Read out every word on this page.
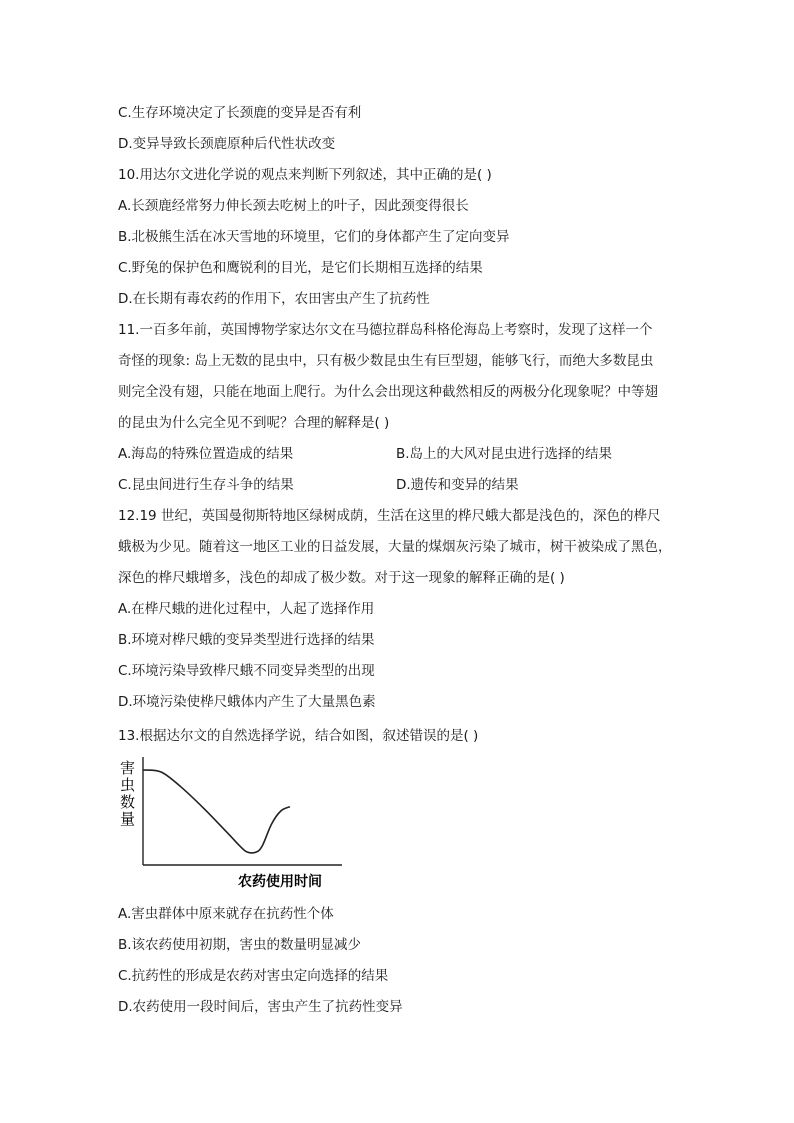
C.生存环境决定了长颈鹿的变异是否有利
D.变异导致长颈鹿原种后代性状改变
10.用达尔文进化学说的观点来判断下列叙述，其中正确的是( )
A.长颈鹿经常努力伸长颈去吃树上的叶子，因此颈变得很长
B.北极熊生活在冰天雪地的环境里，它们的身体都产生了定向变异
C.野兔的保护色和鹰锐利的目光，是它们长期相互选择的结果
D.在长期有毒农药的作用下，农田害虫产生了抗药性
11.一百多年前，英国博物学家达尔文在马德拉群岛科格伦海岛上考察时，发现了这样一个
奇怪的现象: 岛上无数的昆虫中，只有极少数昆虫生有巨型翅，能够飞行，而绝大多数昆虫
则完全没有翅，只能在地面上爬行。为什么会出现这种截然相反的两极分化现象呢？中等翅
的昆虫为什么完全见不到呢？合理的解释是( )
A.海岛的特殊位置造成的结果	B.岛上的大风对昆虫进行选择的结果
C.昆虫间进行生存斗争的结果	D.遗传和变异的结果
12.19 世纪，英国曼彻斯特地区绿树成荫，生活在这里的桦尺蛾大都是浅色的，深色的桦尺
蛾极为少见。随着这一地区工业的日益发展，大量的煤烟灰污染了城市，树干被染成了黑色，
深色的桦尺蛾增多，浅色的却成了极少数。对于这一现象的解释正确的是( )
A.在桦尺蛾的进化过程中，人起了选择作用
B.环境对桦尺蛾的变异类型进行选择的结果
C.环境污染导致桦尺蛾不同变异类型的出现
D.环境污染使桦尺蛾体内产生了大量黑色素
13.根据达尔文的自然选择学说，结合如图，叙述错误的是( )
害
虫
数
量
农药使用时间
A.害虫群体中原来就存在抗药性个体
B.该农药使用初期，害虫的数量明显减少
C.抗药性的形成是农药对害虫定向选择的结果
D.农药使用一段时间后，害虫产生了抗药性变异
